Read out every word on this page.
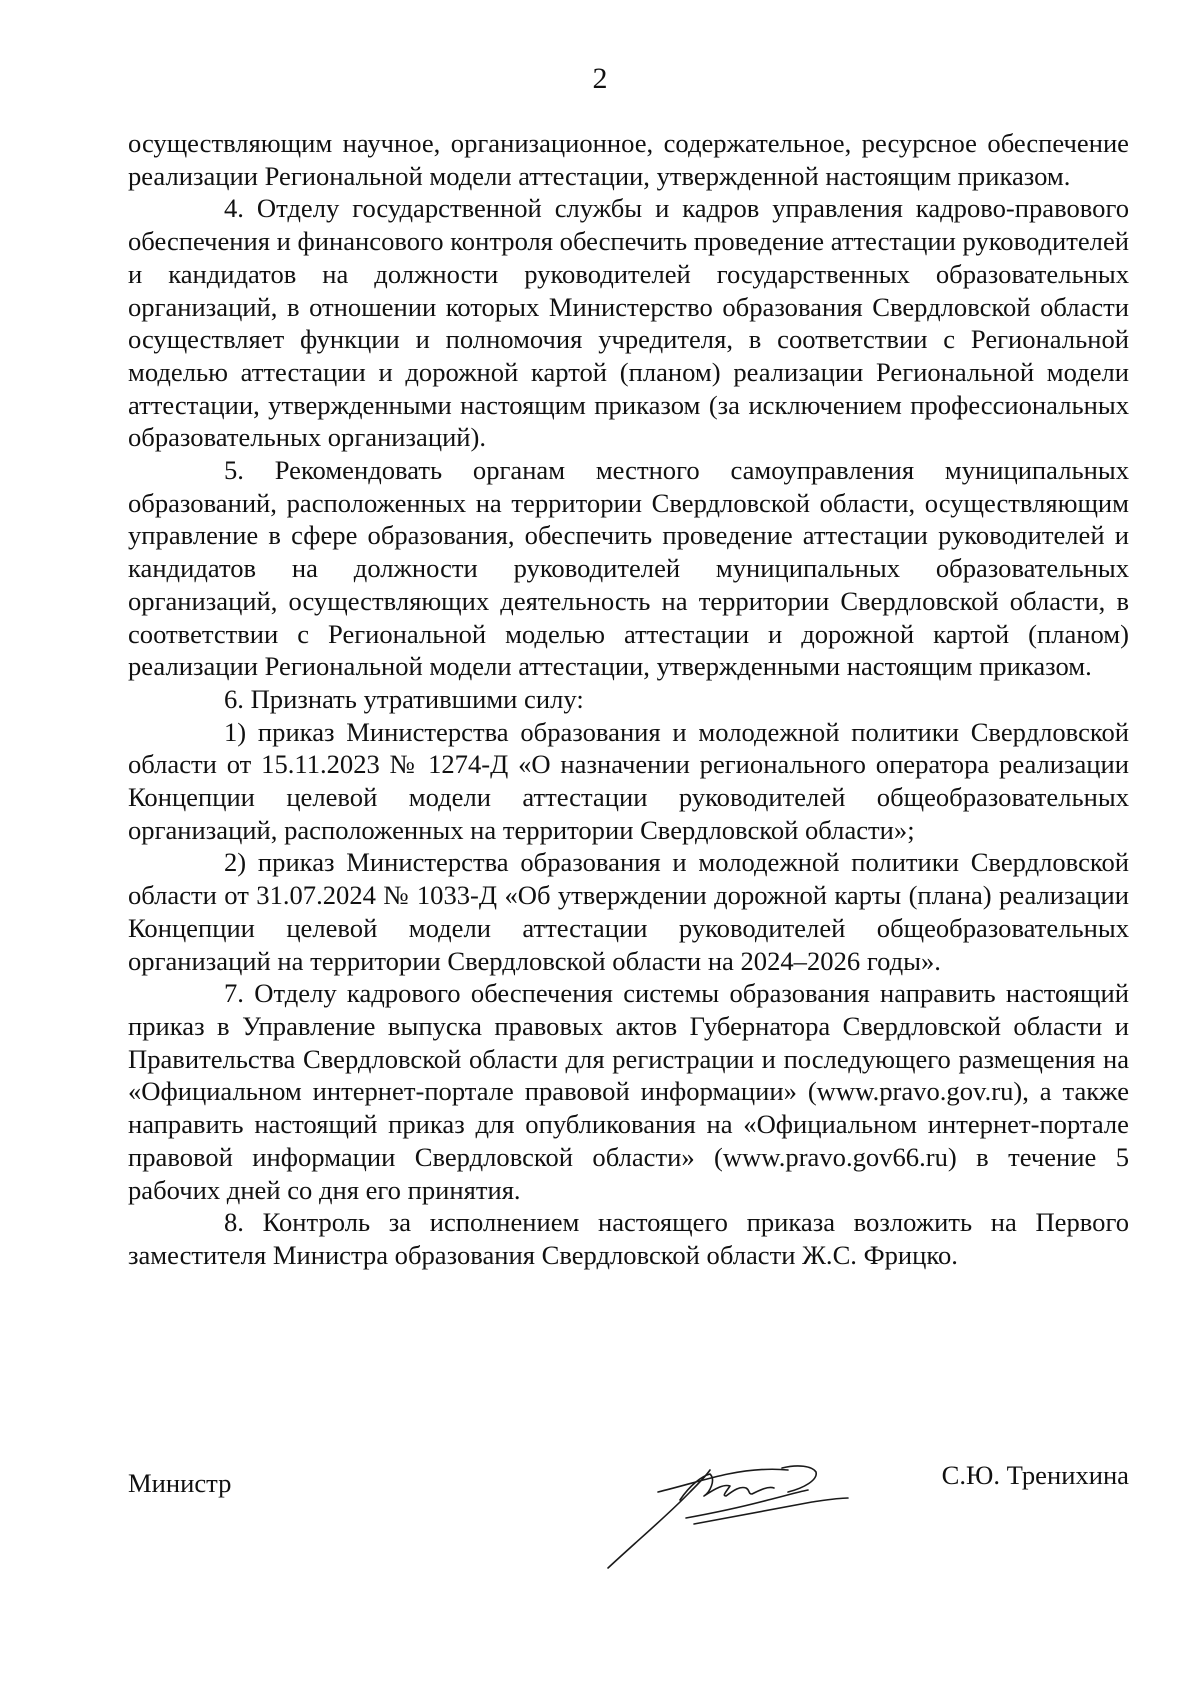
2

осуществляющим научное, организационное, содержательное, ресурсное обеспечение реализации Региональной модели аттестации, утвержденной настоящим приказом.

4. Отделу государственной службы и кадров управления кадрово-правового обеспечения и финансового контроля обеспечить проведение аттестации руководителей и кандидатов на должности руководителей государственных образовательных организаций, в отношении которых Министерство образования Свердловской области осуществляет функции и полномочия учредителя, в соответствии с Региональной моделью аттестации и дорожной картой (планом) реализации Региональной модели аттестации, утвержденными настоящим приказом (за исключением профессиональных образовательных организаций).

5. Рекомендовать органам местного самоуправления муниципальных образований, расположенных на территории Свердловской области, осуществляющим управление в сфере образования, обеспечить проведение аттестации руководителей и кандидатов на должности руководителей муниципальных образовательных организаций, осуществляющих деятельность на территории Свердловской области, в соответствии с Региональной моделью аттестации и дорожной картой (планом) реализации Региональной модели аттестации, утвержденными настоящим приказом.

6. Признать утратившими силу:

1) приказ Министерства образования и молодежной политики Свердловской области от 15.11.2023 № 1274-Д «О назначении регионального оператора реализации Концепции целевой модели аттестации руководителей общеобразовательных организаций, расположенных на территории Свердловской области»;

2) приказ Министерства образования и молодежной политики Свердловской области от 31.07.2024 № 1033-Д «Об утверждении дорожной карты (плана) реализации Концепции целевой модели аттестации руководителей общеобразовательных организаций на территории Свердловской области на 2024–2026 годы».

7. Отделу кадрового обеспечения системы образования направить настоящий приказ в Управление выпуска правовых актов Губернатора Свердловской области и Правительства Свердловской области для регистрации и последующего размещения на «Официальном интернет-портале правовой информации» (www.pravo.gov.ru), а также направить настоящий приказ для опубликования на «Официальном интернет-портале правовой информации Свердловской области» (www.pravo.gov66.ru) в течение 5 рабочих дней со дня его принятия.

8. Контроль за исполнением настоящего приказа возложить на Первого заместителя Министра образования Свердловской области Ж.С. Фрицко.

Министр	С.Ю. Тренихина
